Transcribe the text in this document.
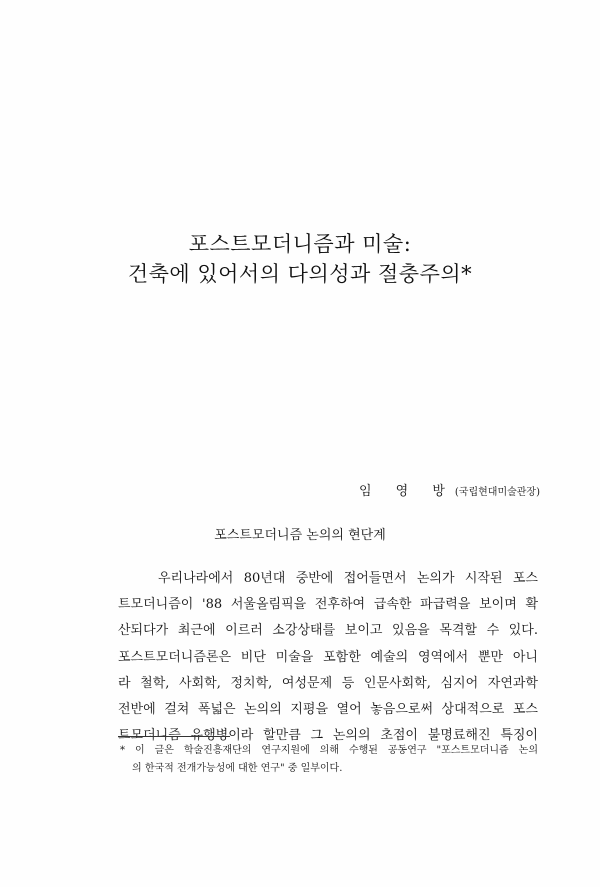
포스트모더니즘과 미술:
건축에 있어서의 다의성과 절충주의*
임 영 방(국립현대미술관장)
포스트모더니즘 논의의 현단계
우리나라에서 80년대 중반에 접어들면서 논의가 시작된 포스
트모더니즘이 '88 서울올림픽을 전후하여 급속한 파급력을 보이며 확
산되다가 최근에 이르러 소강상태를 보이고 있음을 목격할 수 있다.
포스트모더니즘론은 비단 미술을 포함한 예술의 영역에서 뿐만 아니
라 철학, 사회학, 정치학, 여성문제 등 인문사회학, 심지어 자연과학
전반에 걸쳐 폭넓은 논의의 지평을 열어 놓음으로써 상대적으로 포스
트모더니즘 유행병이라 할만큼 그 논의의 초점이 불명료해진 특징이
* 이 글은 학술진흥재단의 연구지원에 의해 수행된 공동연구 "포스트모더니즘 논의
의 한국적 전개가능성에 대한 연구" 중 일부이다.
